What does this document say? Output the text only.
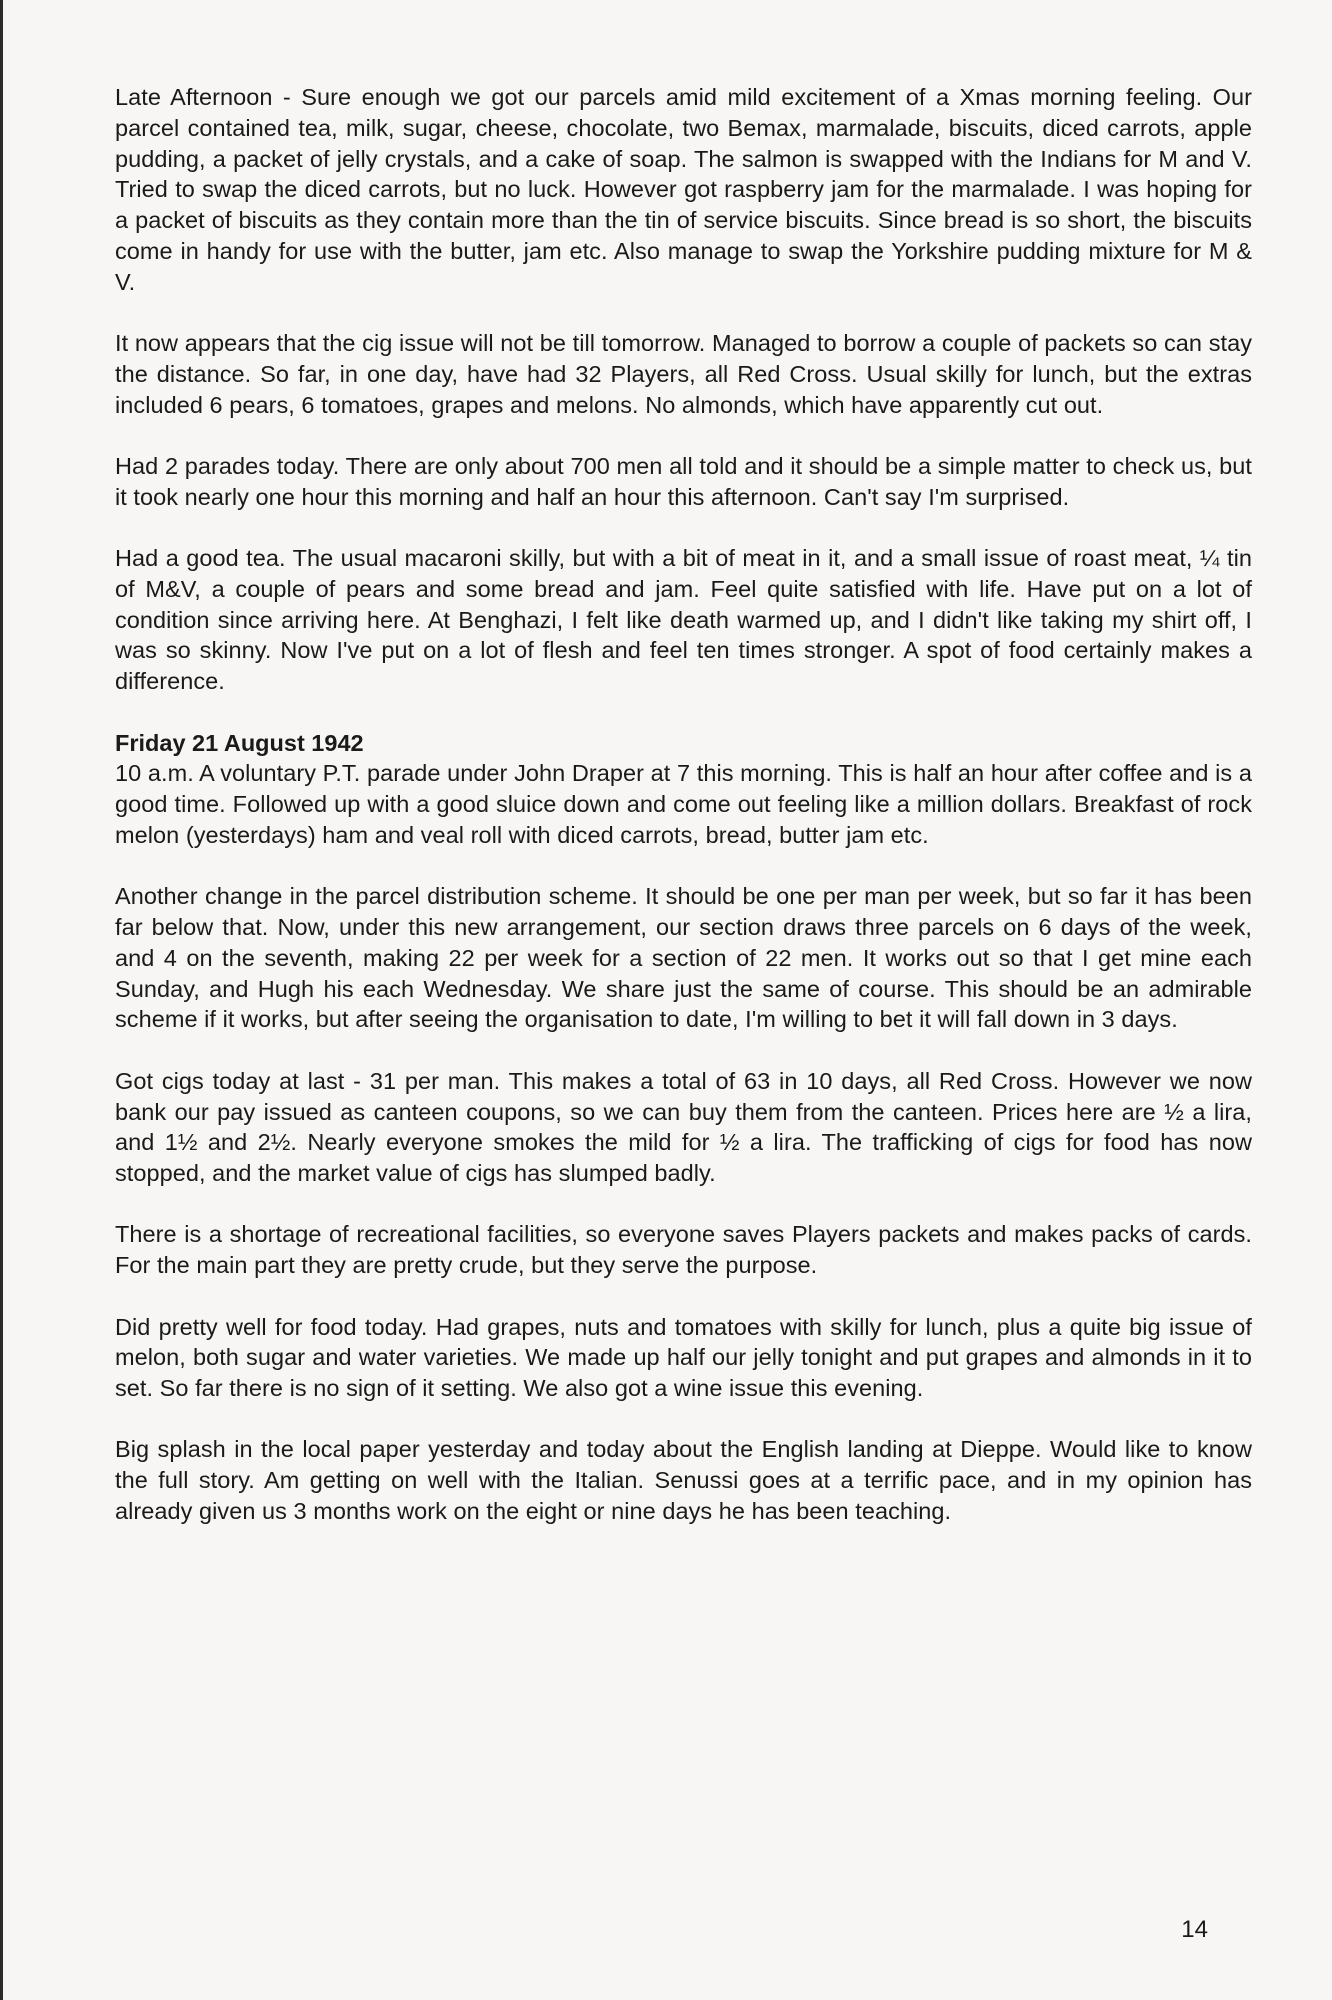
Late Afternoon - Sure enough we got our parcels amid mild excitement of a Xmas morning feeling. Our parcel contained tea, milk, sugar, cheese, chocolate, two Bemax, marmalade, biscuits, diced carrots, apple pudding, a packet of jelly crystals, and a cake of soap. The salmon is swapped with the Indians for M and V. Tried to swap the diced carrots, but no luck. However got raspberry jam for the marmalade. I was hoping for a packet of biscuits as they contain more than the tin of service biscuits. Since bread is so short, the biscuits come in handy for use with the butter, jam etc. Also manage to swap the Yorkshire pudding mixture for M & V.

It now appears that the cig issue will not be till tomorrow. Managed to borrow a couple of packets so can stay the distance. So far, in one day, have had 32 Players, all Red Cross. Usual skilly for lunch, but the extras included 6 pears, 6 tomatoes, grapes and melons. No almonds, which have apparently cut out.

Had 2 parades today. There are only about 700 men all told and it should be a simple matter to check us, but it took nearly one hour this morning and half an hour this afternoon. Can't say I'm surprised.

Had a good tea. The usual macaroni skilly, but with a bit of meat in it, and a small issue of roast meat, ¼ tin of M&V, a couple of pears and some bread and jam. Feel quite satisfied with life. Have put on a lot of condition since arriving here. At Benghazi, I felt like death warmed up, and I didn't like taking my shirt off, I was so skinny. Now I've put on a lot of flesh and feel ten times stronger. A spot of food certainly makes a difference.

Friday 21 August 1942

10 a.m. A voluntary P.T. parade under John Draper at 7 this morning. This is half an hour after coffee and is a good time. Followed up with a good sluice down and come out feeling like a million dollars. Breakfast of rock melon (yesterdays) ham and veal roll with diced carrots, bread, butter jam etc.

Another change in the parcel distribution scheme. It should be one per man per week, but so far it has been far below that. Now, under this new arrangement, our section draws three parcels on 6 days of the week, and 4 on the seventh, making 22 per week for a section of 22 men. It works out so that I get mine each Sunday, and Hugh his each Wednesday. We share just the same of course. This should be an admirable scheme if it works, but after seeing the organisation to date, I'm willing to bet it will fall down in 3 days.

Got cigs today at last - 31 per man. This makes a total of 63 in 10 days, all Red Cross. However we now bank our pay issued as canteen coupons, so we can buy them from the canteen. Prices here are ½ a lira, and 1½ and 2½. Nearly everyone smokes the mild for ½ a lira. The trafficking of cigs for food has now stopped, and the market value of cigs has slumped badly.

There is a shortage of recreational facilities, so everyone saves Players packets and makes packs of cards. For the main part they are pretty crude, but they serve the purpose.

Did pretty well for food today. Had grapes, nuts and tomatoes with skilly for lunch, plus a quite big issue of melon, both sugar and water varieties. We made up half our jelly tonight and put grapes and almonds in it to set. So far there is no sign of it setting. We also got a wine issue this evening.

Big splash in the local paper yesterday and today about the English landing at Dieppe. Would like to know the full story. Am getting on well with the Italian. Senussi goes at a terrific pace, and in my opinion has already given us 3 months work on the eight or nine days he has been teaching.

14
